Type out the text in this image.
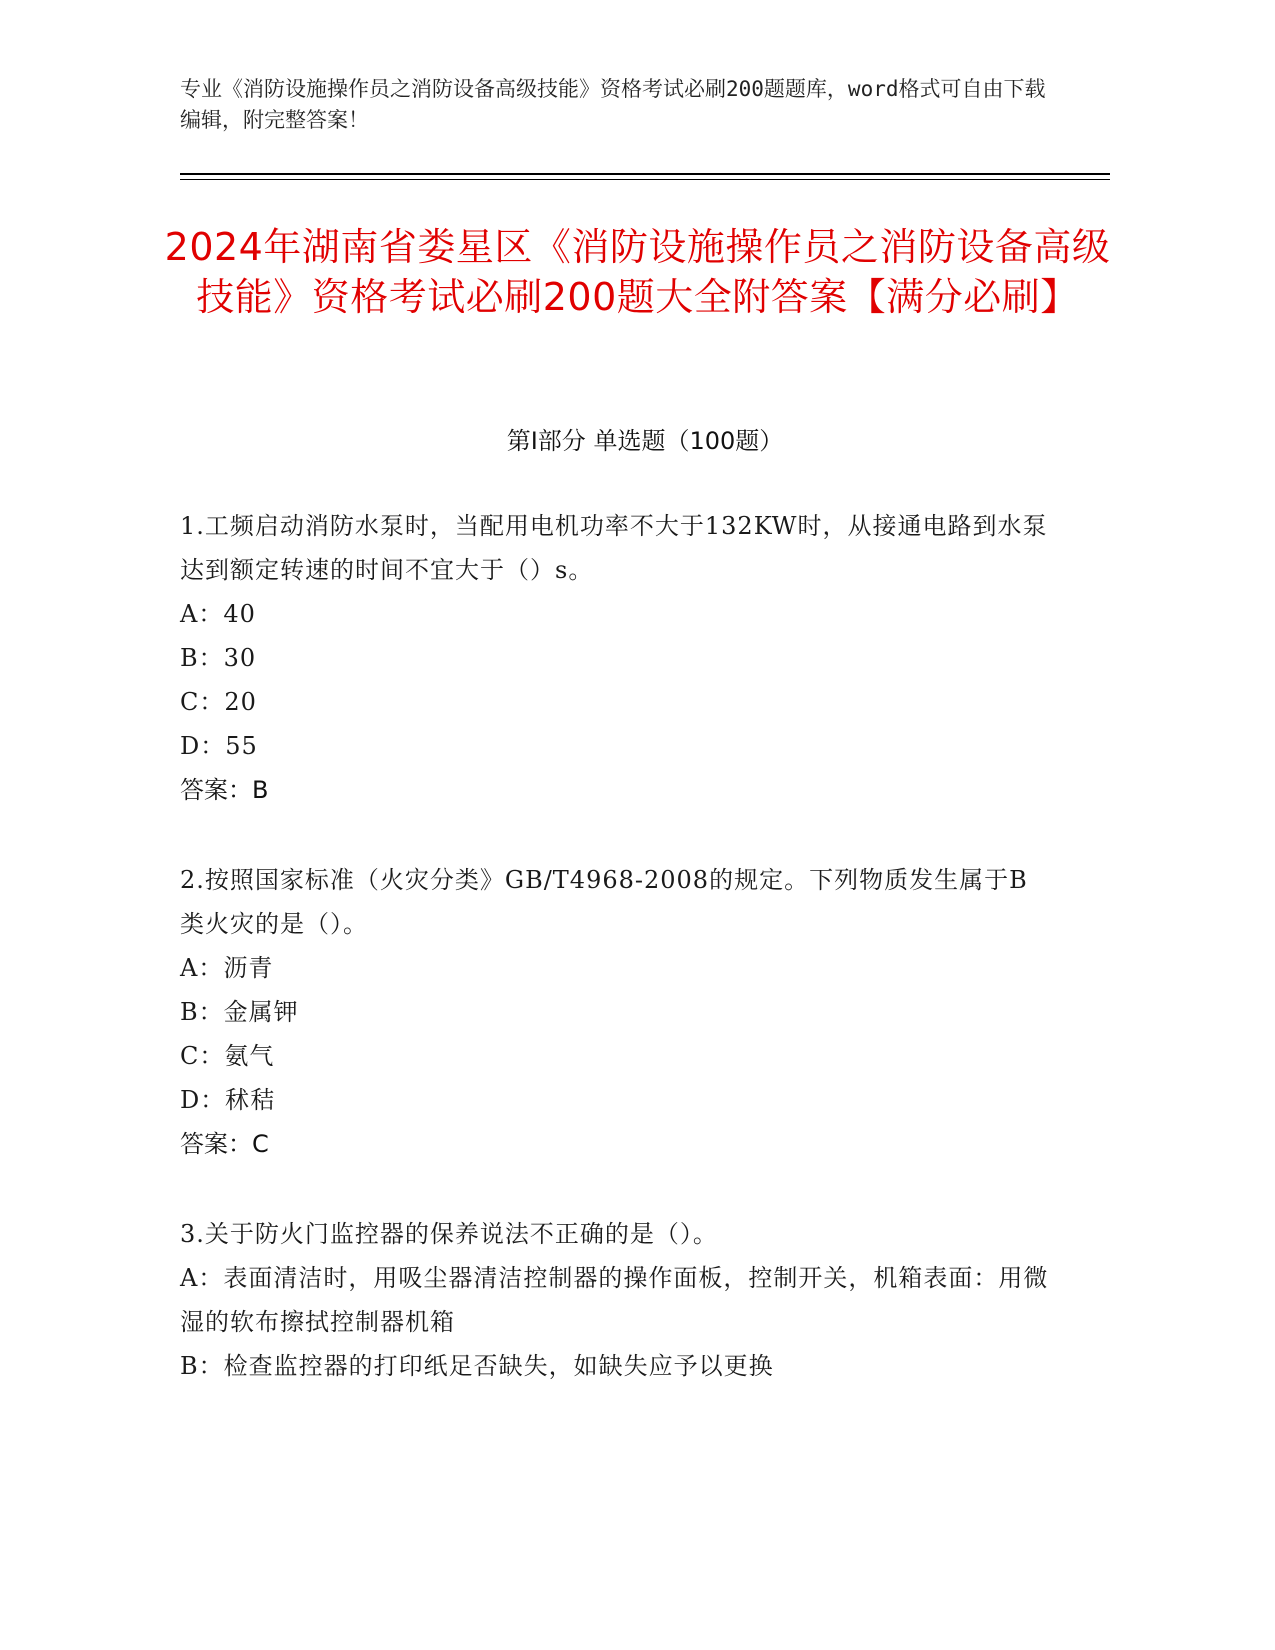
专业《消防设施操作员之消防设备高级技能》资格考试必刷200题题库，word格式可自由下载编辑，附完整答案！
2024年湖南省娄星区《消防设施操作员之消防设备高级技能》资格考试必刷200题大全附答案【满分必刷】
第Ⅰ部分 单选题（100题）
1.工频启动消防水泵时，当配用电机功率不大于132KW时，从接通电路到水泵达到额定转速的时间不宜大于（）s。
A：40
B：30
C：20
D：55
答案：B
2.按照国家标准（火灾分类》GB/T4968-2008的规定。下列物质发生属于B类火灾的是（）。
A：沥青
B：金属钾
C：氨气
D：秫秸
答案：C
3.关于防火门监控器的保养说法不正确的是（）。
A：表面清洁时，用吸尘器清洁控制器的操作面板，控制开关，机箱表面：用微湿的软布擦拭控制器机箱
B：检查监控器的打印纸足否缺失，如缺失应予以更换
